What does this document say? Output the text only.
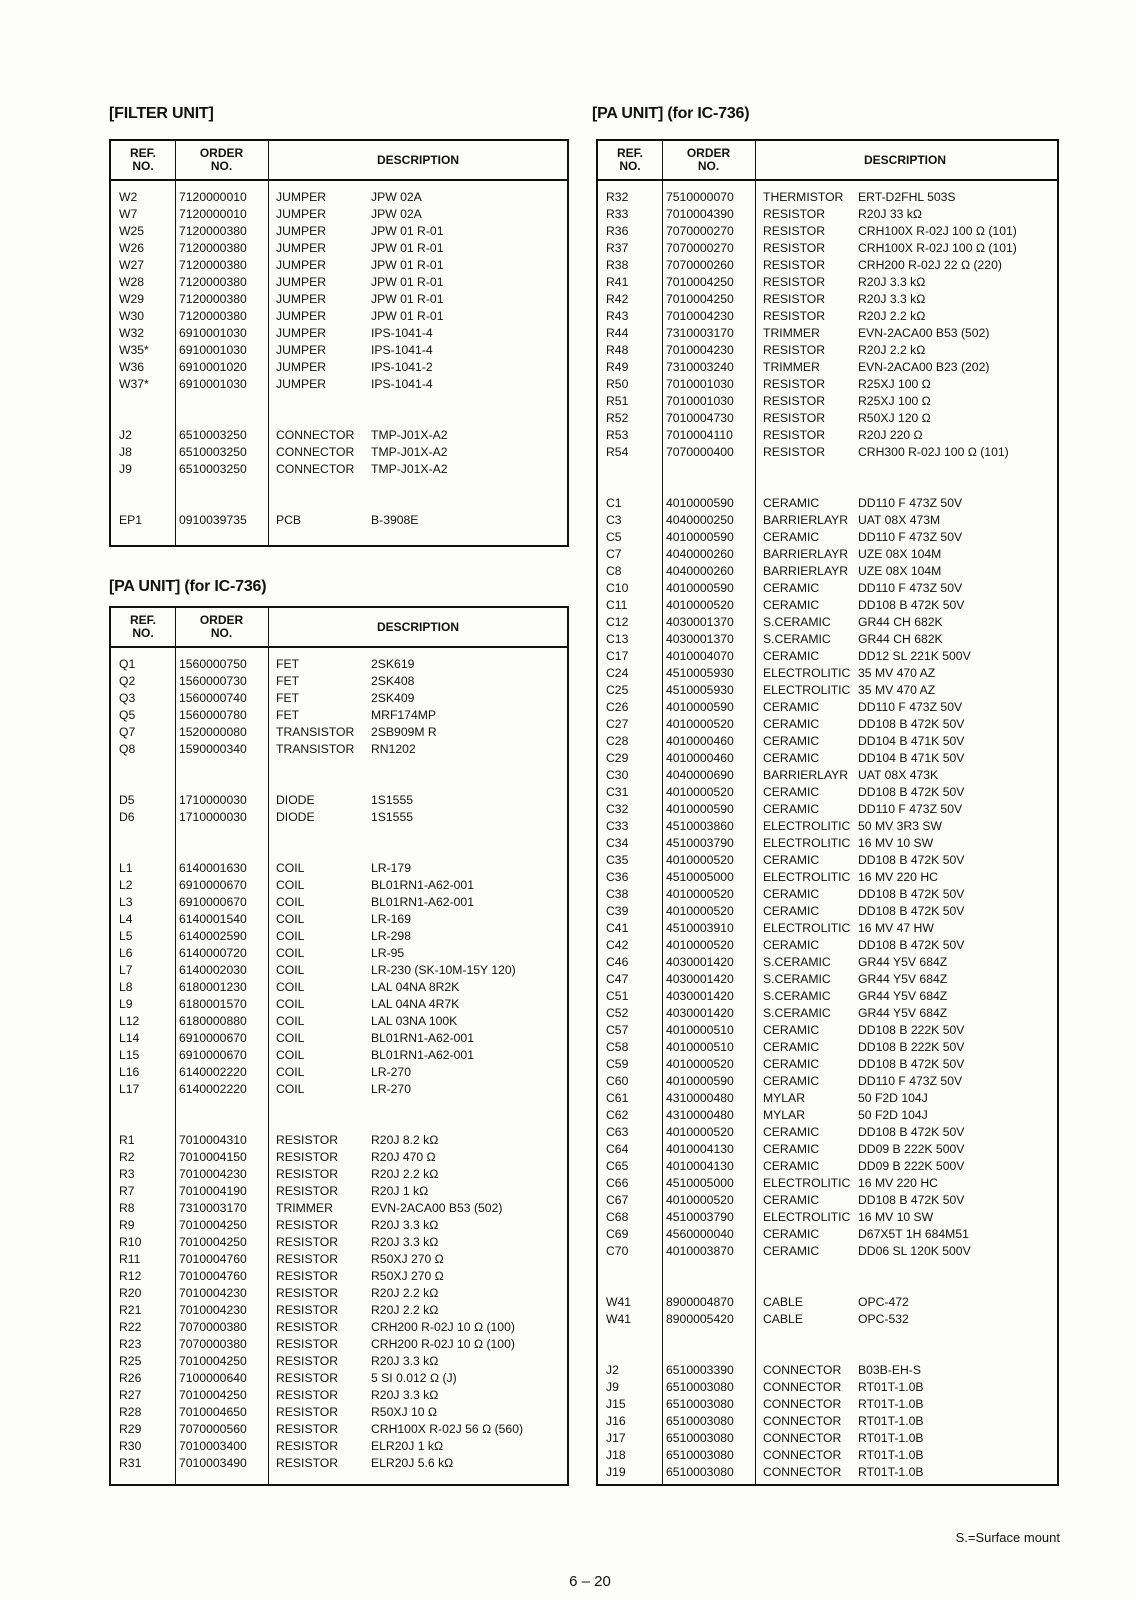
[FILTER UNIT]
REF.
NO.
ORDER
NO.	DESCRIPTION
W2	7120000010 JUMPER	JPW 02A
W7	7120000010 JUMPER	JPW 02A
W25	7120000380 JUMPER	JPW 01 R-01
W26	7120000380 JUMPER	JPW 01 R-01
W27	7120000380 JUMPER	JPW 01 R-01
W28	7120000380 JUMPER	JPW 01 R-01
W29	7120000380 JUMPER	JPW 01 R-01
W30	7120000380 JUMPER	JPW 01 R-01
W32	6910001030 JUMPER	IPS-1041-4
W35* 6910001030 JUMPER	IPS-1041-4
W36	6910001020 JUMPER	IPS-1041-2
W37* 6910001030 JUMPER	IPS-1041-4
J2	6510003250 CONNECTOR TMP-J01X-A2
J8	6510003250 CONNECTOR TMP-J01X-A2
J9	6510003250 CONNECTOR TMP-J01X-A2
EP1	0910039735 PCB	B-3908E
[PA UNIT] (for IC-736)
REF.
NO.
ORDER
NO.	DESCRIPTION
Q1	1560000750 FET	2SK619
Q2	1560000730 FET	2SK408
Q3	1560000740 FET	2SK409
Q5	1560000780 FET	MRF174MP
Q7	1520000080 TRANSISTOR 2SB909M R
Q8	1590000340 TRANSISTOR RN1202
D5	1710000030 DIODE	1S1555
D6	1710000030 DIODE	1S1555
L1	6140001630 COIL	LR-179
L2	6910000670 COIL	BL01RN1-A62-001
L3	6910000670 COIL	BL01RN1-A62-001
L4	6140001540 COIL	LR-169
L5	6140002590 COIL	LR-298
L6	6140000720 COIL	LR-95
L7	6140002030 COIL	LR-230 (SK-10M-15Y 120)
L8	6180001230 COIL	LAL 04NA 8R2K
L9	6180001570 COIL	LAL 04NA 4R7K
L12	6180000880 COIL	LAL 03NA 100K
L14	6910000670 COIL	BL01RN1-A62-001
L15	6910000670 COIL	BL01RN1-A62-001
L16	6140002220 COIL	LR-270
L17	6140002220 COIL	LR-270
R1	7010004310 RESISTOR	R20J 8.2 kΩ
R2	7010004150 RESISTOR	R20J 470 Ω
R3	7010004230 RESISTOR	R20J 2.2 kΩ
R7	7010004190 RESISTOR	R20J 1 kΩ
R8	7310003170 TRIMMER	EVN-2ACA00 B53 (502)
R9	7010004250 RESISTOR	R20J 3.3 kΩ
R10	7010004250 RESISTOR	R20J 3.3 kΩ
R11	7010004760 RESISTOR	R50XJ 270 Ω
R12	7010004760 RESISTOR	R50XJ 270 Ω
R20	7010004230 RESISTOR	R20J 2.2 kΩ
R21	7010004230 RESISTOR	R20J 2.2 kΩ
R22	7070000380 RESISTOR	CRH200 R-02J 10 Ω (100)
R23	7070000380 RESISTOR	CRH200 R-02J 10 Ω (100)
R25	7010004250 RESISTOR	R20J 3.3 kΩ
R26	7100000640 RESISTOR	5 SI 0.012 Ω (J)
R27	7010004250 RESISTOR	R20J 3.3 kΩ
R28	7010004650 RESISTOR	R50XJ 10 Ω
R29	7070000560 RESISTOR	CRH100X R-02J 56 Ω (560)
R30	7010003400 RESISTOR	ELR20J 1 kΩ
R31	7010003490 RESISTOR	ELR20J 5.6 kΩ
[PA UNIT] (for IC-736)
REF.
NO.
ORDER
NO.	DESCRIPTION
R32	7510000070 THERMISTOR ERT-D2FHL 503S
R33	7010004390 RESISTOR	R20J 33 kΩ
R36	7070000270 RESISTOR	CRH100X R-02J 100 Ω (101)
R37	7070000270 RESISTOR	CRH100X R-02J 100 Ω (101)
R38	7070000260 RESISTOR	CRH200 R-02J 22 Ω (220)
R41	7010004250 RESISTOR	R20J 3.3 kΩ
R42	7010004250 RESISTOR	R20J 3.3 kΩ
R43	7010004230 RESISTOR	R20J 2.2 kΩ
R44	7310003170 TRIMMER	EVN-2ACA00 B53 (502)
R48	7010004230 RESISTOR	R20J 2.2 kΩ
R49	7310003240 TRIMMER	EVN-2ACA00 B23 (202)
R50	7010001030 RESISTOR	R25XJ 100 Ω
R51	7010001030 RESISTOR	R25XJ 100 Ω
R52	7010004730 RESISTOR	R50XJ 120 Ω
R53	7010004110 RESISTOR	R20J 220 Ω
R54	7070000400 RESISTOR	CRH300 R-02J 100 Ω (101)
C1	4010000590 CERAMIC	DD110 F 473Z 50V
C3	4040000250 BARRIERLAYR UAT 08X 473M
C5	4010000590 CERAMIC	DD110 F 473Z 50V
C7	4040000260 BARRIERLAYR UZE 08X 104M
C8	4040000260 BARRIERLAYR UZE 08X 104M
C10	4010000590 CERAMIC	DD110 F 473Z 50V
C11	4010000520 CERAMIC	DD108 B 472K 50V
C12	4030001370 S.CERAMIC GR44 CH 682K
C13	4030001370 S.CERAMIC GR44 CH 682K
C17	4010004070 CERAMIC	DD12 SL 221K 500V
C24	4510005930 ELECTROLITIC 35 MV 470 AZ
C25	4510005930 ELECTROLITIC 35 MV 470 AZ
C26	4010000590 CERAMIC	DD110 F 473Z 50V
C27	4010000520 CERAMIC	DD108 B 472K 50V
C28	4010000460 CERAMIC	DD104 B 471K 50V
C29	4010000460 CERAMIC	DD104 B 471K 50V
C30	4040000690 BARRIERLAYR UAT 08X 473K
C31	4010000520 CERAMIC	DD108 B 472K 50V
C32	4010000590 CERAMIC	DD110 F 473Z 50V
C33	4510003860 ELECTROLITIC 50 MV 3R3 SW
C34	4510003790 ELECTROLITIC 16 MV 10 SW
C35	4010000520 CERAMIC	DD108 B 472K 50V
C36	4510005000 ELECTROLITIC 16 MV 220 HC
C38	4010000520 CERAMIC	DD108 B 472K 50V
C39	4010000520 CERAMIC	DD108 B 472K 50V
C41	4510003910 ELECTROLITIC 16 MV 47 HW
C42	4010000520 CERAMIC	DD108 B 472K 50V
C46	4030001420 S.CERAMIC GR44 Y5V 684Z
C47	4030001420 S.CERAMIC GR44 Y5V 684Z
C51	4030001420 S.CERAMIC GR44 Y5V 684Z
C52	4030001420 S.CERAMIC GR44 Y5V 684Z
C57	4010000510 CERAMIC	DD108 B 222K 50V
C58	4010000510 CERAMIC	DD108 B 222K 50V
C59	4010000520 CERAMIC	DD108 B 472K 50V
C60	4010000590 CERAMIC	DD110 F 473Z 50V
C61	4310000480 MYLAR	50 F2D 104J
C62	4310000480 MYLAR	50 F2D 104J
C63	4010000520 CERAMIC	DD108 B 472K 50V
C64	4010004130 CERAMIC	DD09 B 222K 500V
C65	4010004130 CERAMIC	DD09 B 222K 500V
C66	4510005000 ELECTROLITIC 16 MV 220 HC
C67	4010000520 CERAMIC	DD108 B 472K 50V
C68	4510003790 ELECTROLITIC 16 MV 10 SW
C69	4560000040 CERAMIC	D67X5T 1H 684M51
C70	4010003870 CERAMIC	DD06 SL 120K 500V
W41	8900004870 CABLE	OPC-472
W41	8900005420 CABLE	OPC-532
J2	6510003390 CONNECTOR B03B-EH-S
J9	6510003080 CONNECTOR RT01T-1.0B
J15	6510003080 CONNECTOR RT01T-1.0B
J16	6510003080 CONNECTOR RT01T-1.0B
J17	6510003080 CONNECTOR RT01T-1.0B
J18	6510003080 CONNECTOR RT01T-1.0B
J19	6510003080 CONNECTOR RT01T-1.0B
S.=Surface mount
6 – 20
